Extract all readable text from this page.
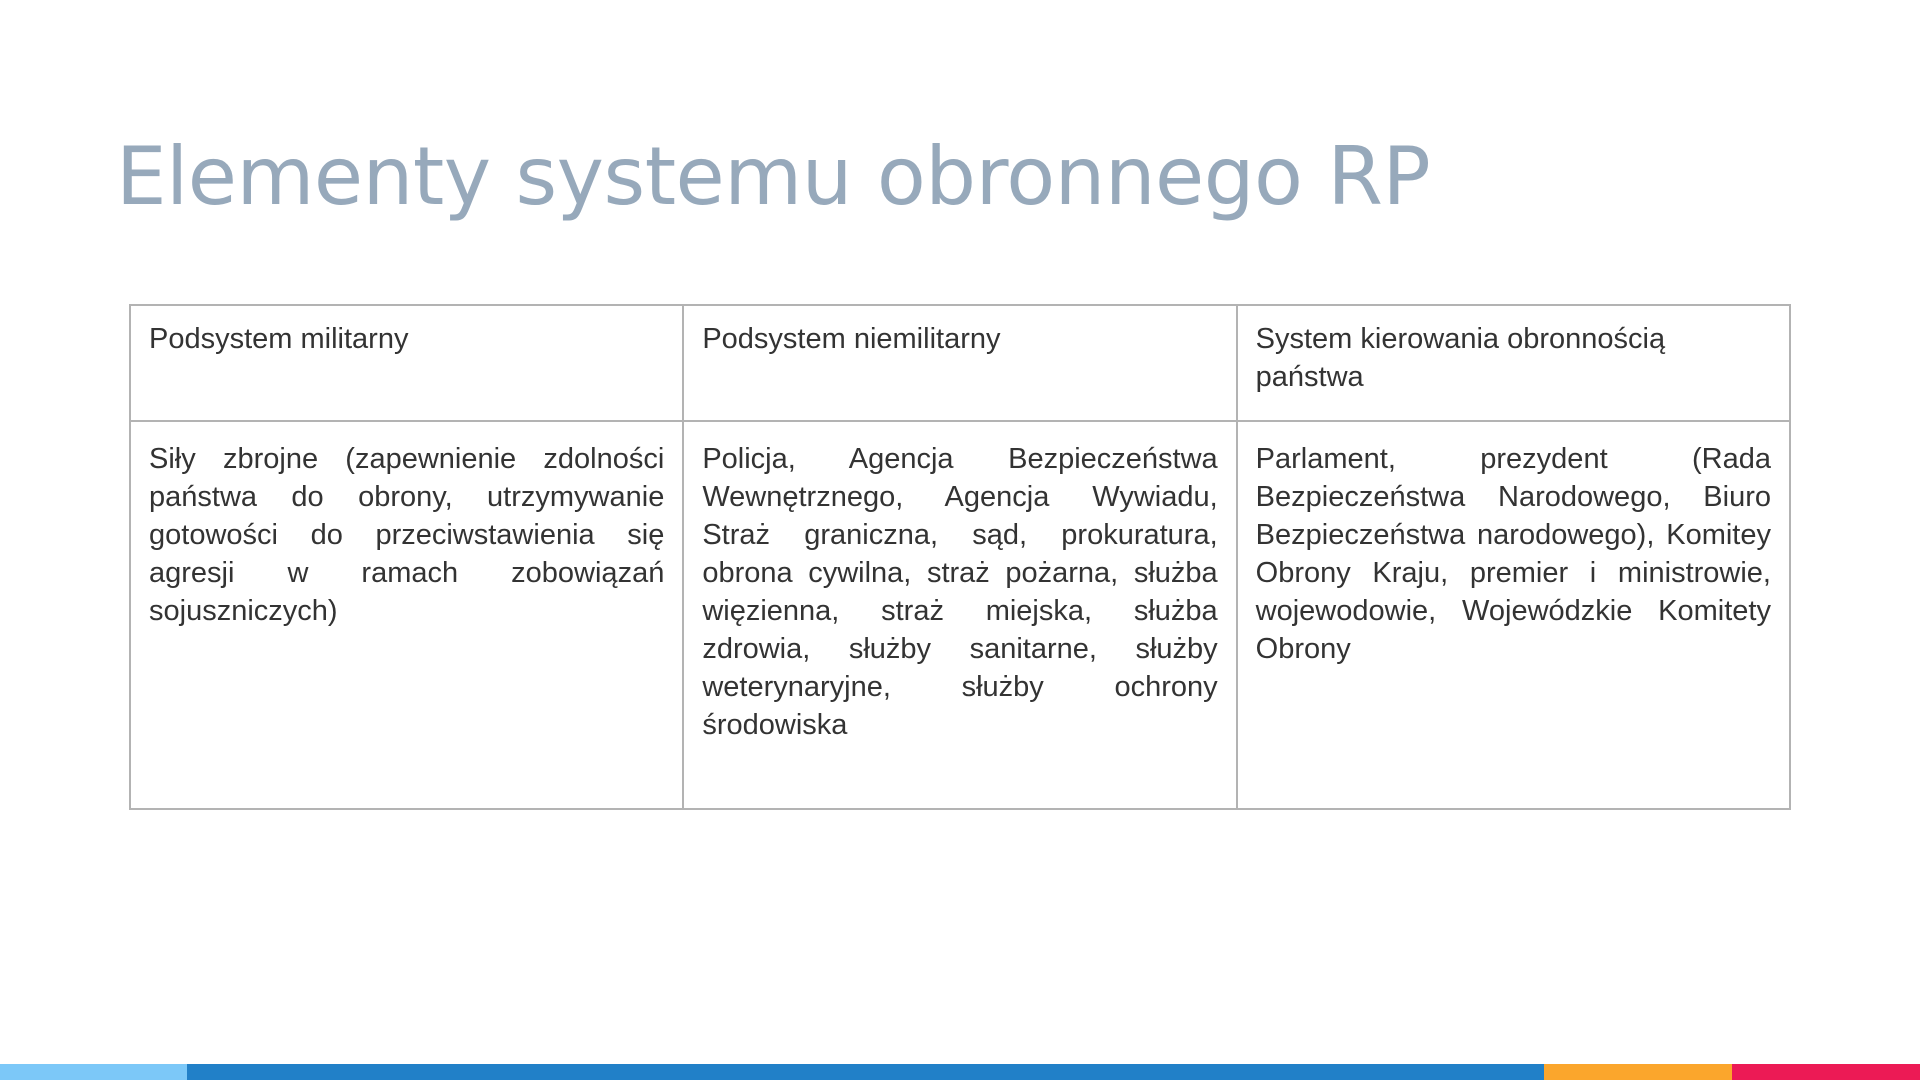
Elementy systemu obronnego RP
Podsystem militarny	Podsystem niemilitarny	System kierowania obronnością państwa
Siły zbrojne (zapewnienie zdolności państwa do obrony, utrzymywanie gotowości do przeciwstawienia się agresji w ramach zobowiązań sojuszniczych)	Policja, Agencja Bezpieczeństwa Wewnętrznego, Agencja Wywiadu, Straż graniczna, sąd, prokuratura, obrona cywilna, straż pożarna, służba więzienna, straż miejska, służba zdrowia, służby sanitarne, służby weterynaryjne, służby ochrony środowiska	Parlament, prezydent (Rada Bezpieczeństwa Narodowego, Biuro Bezpieczeństwa narodowego), Komitey Obrony Kraju, premier i ministrowie, wojewodowie, Wojewódzkie Komitety Obrony
